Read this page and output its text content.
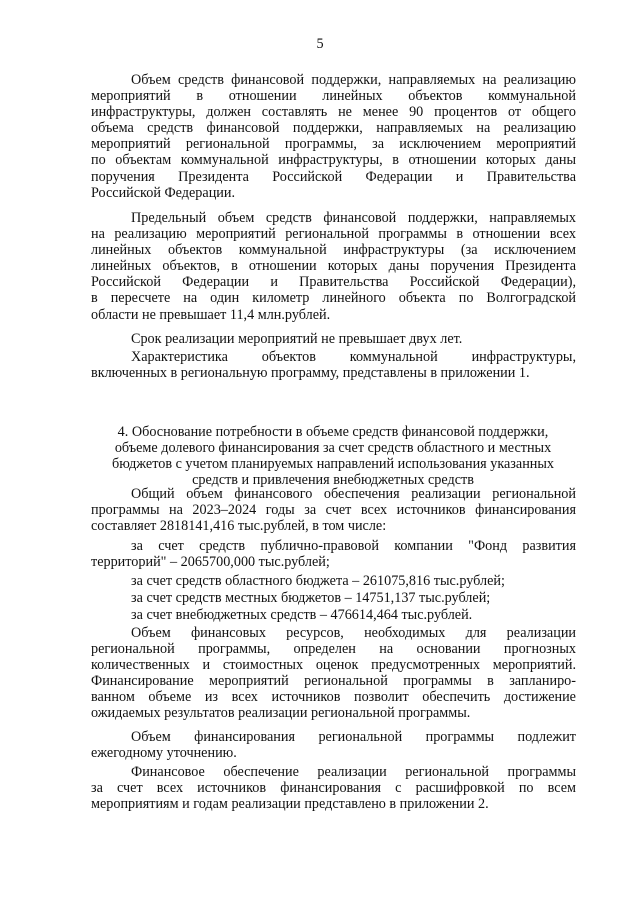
5
Объем средств финансовой поддержки, направляемых на реализацию
мероприятий в отношении линейных объектов коммунальной
инфраструктуры, должен составлять не менее 90 процентов от общего
объема средств финансовой поддержки, направляемых на реализацию
мероприятий региональной программы, за исключением мероприятий
по объектам коммунальной инфраструктуры, в отношении которых даны
поручения Президента Российской Федерации и Правительства
Российской Федерации.
Предельный объем средств финансовой поддержки, направляемых
на реализацию мероприятий региональной программы в отношении всех
линейных объектов коммунальной инфраструктуры (за исключением
линейных объектов, в отношении которых даны поручения Президента
Российской Федерации и Правительства Российской Федерации),
в пересчете на один километр линейного объекта по Волгоградской
области не превышает 11,4 млн.рублей.
Срок реализации мероприятий не превышает двух лет.
Характеристика объектов коммунальной инфраструктуры,
включенных в региональную программу, представлены в приложении 1.
4. Обоснование потребности в объеме средств финансовой поддержки,
объеме долевого финансирования за счет средств областного и местных
бюджетов с учетом планируемых направлений использования указанных
средств и привлечения внебюджетных средств
Общий объем финансового обеспечения реализации региональной
программы на 2023–2024 годы за счет всех источников финансирования
составляет 2818141,416 тыс.рублей, в том числе:
за счет средств публично-правовой компании "Фонд развития
территорий" – 2065700,000 тыс.рублей;
за счет средств областного бюджета – 261075,816 тыс.рублей;
за счет средств местных бюджетов – 14751,137 тыс.рублей;
за счет внебюджетных средств – 476614,464 тыс.рублей.
Объем финансовых ресурсов, необходимых для реализации
региональной программы, определен на основании прогнозных
количественных и стоимостных оценок предусмотренных мероприятий.
Финансирование мероприятий региональной программы в запланиро-
ванном объеме из всех источников позволит обеспечить достижение
ожидаемых результатов реализации региональной программы.
Объем финансирования региональной программы подлежит
ежегодному уточнению.
Финансовое обеспечение реализации региональной программы
за счет всех источников финансирования с расшифровкой по всем
мероприятиям и годам реализации представлено в приложении 2.
